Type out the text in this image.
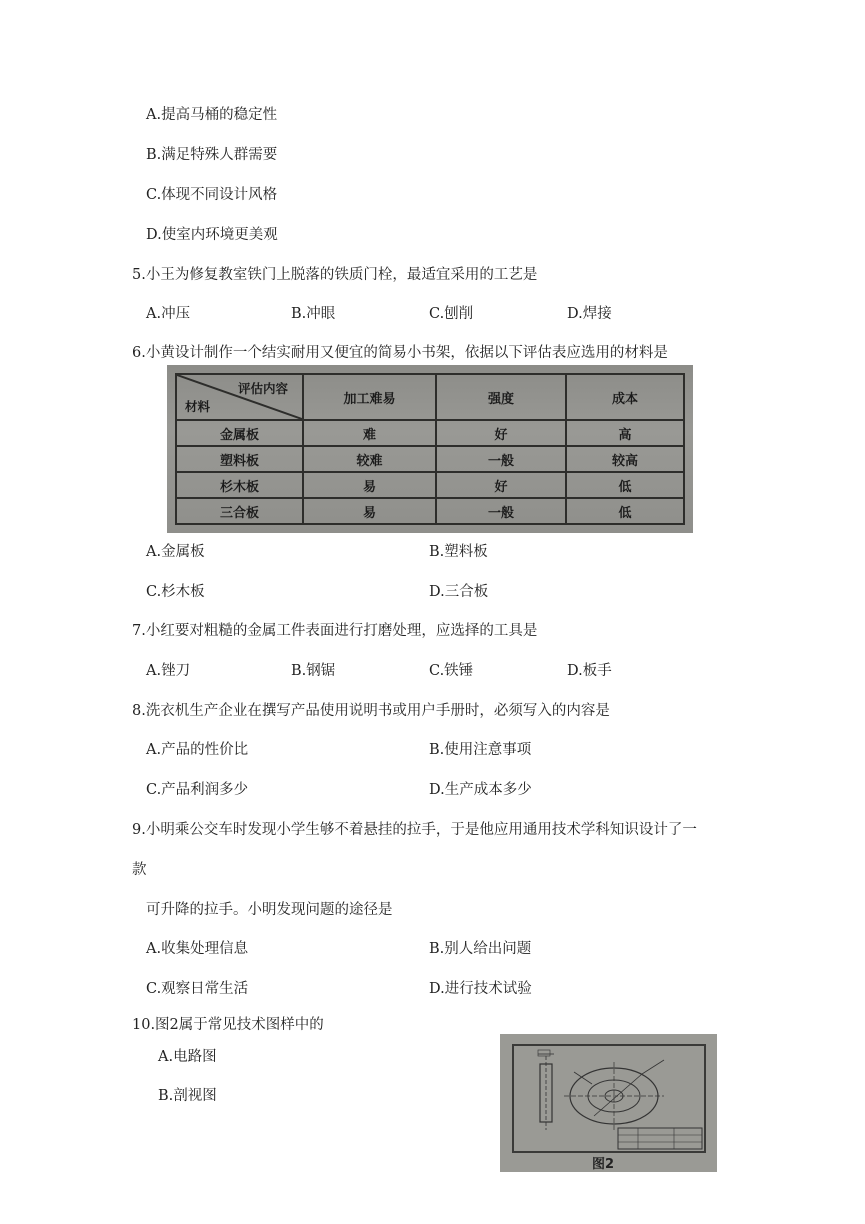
A.提高马桶的稳定性
B.满足特殊人群需要
C.体现不同设计风格
D.使室内环境更美观
5.小王为修复教室铁门上脱落的铁质门栓，最适宜采用的工艺是
A.冲压	B.冲眼	C.刨削	D.焊接
6.小黄设计制作一个结实耐用又便宜的简易小书架，依据以下评估表应选用的材料是
评估内容
材料	加工难易	强度	成本
金属板	难	好	高
塑料板	较难	一般	较高
杉木板	易	好	低
三合板	易	一般	低
A.金属板	B.塑料板
C.杉木板	D.三合板
7.小红要对粗糙的金属工件表面进行打磨处理，应选择的工具是
A.锉刀	B.钢锯	C.铁锤	D.板手
8.洗衣机生产企业在撰写产品使用说明书或用户手册时，必须写入的内容是
A.产品的性价比	B.使用注意事项
C.产品利润多少	D.生产成本多少
9.小明乘公交车时发现小学生够不着悬挂的拉手，于是他应用通用技术学科知识设计了一
款
可升降的拉手。小明发现问题的途径是
A.收集处理信息	B.别人给出问题
C.观察日常生活	D.进行技术试验
10.图2属于常见技术图样中的
A.电路图
B.剖视图
图2
